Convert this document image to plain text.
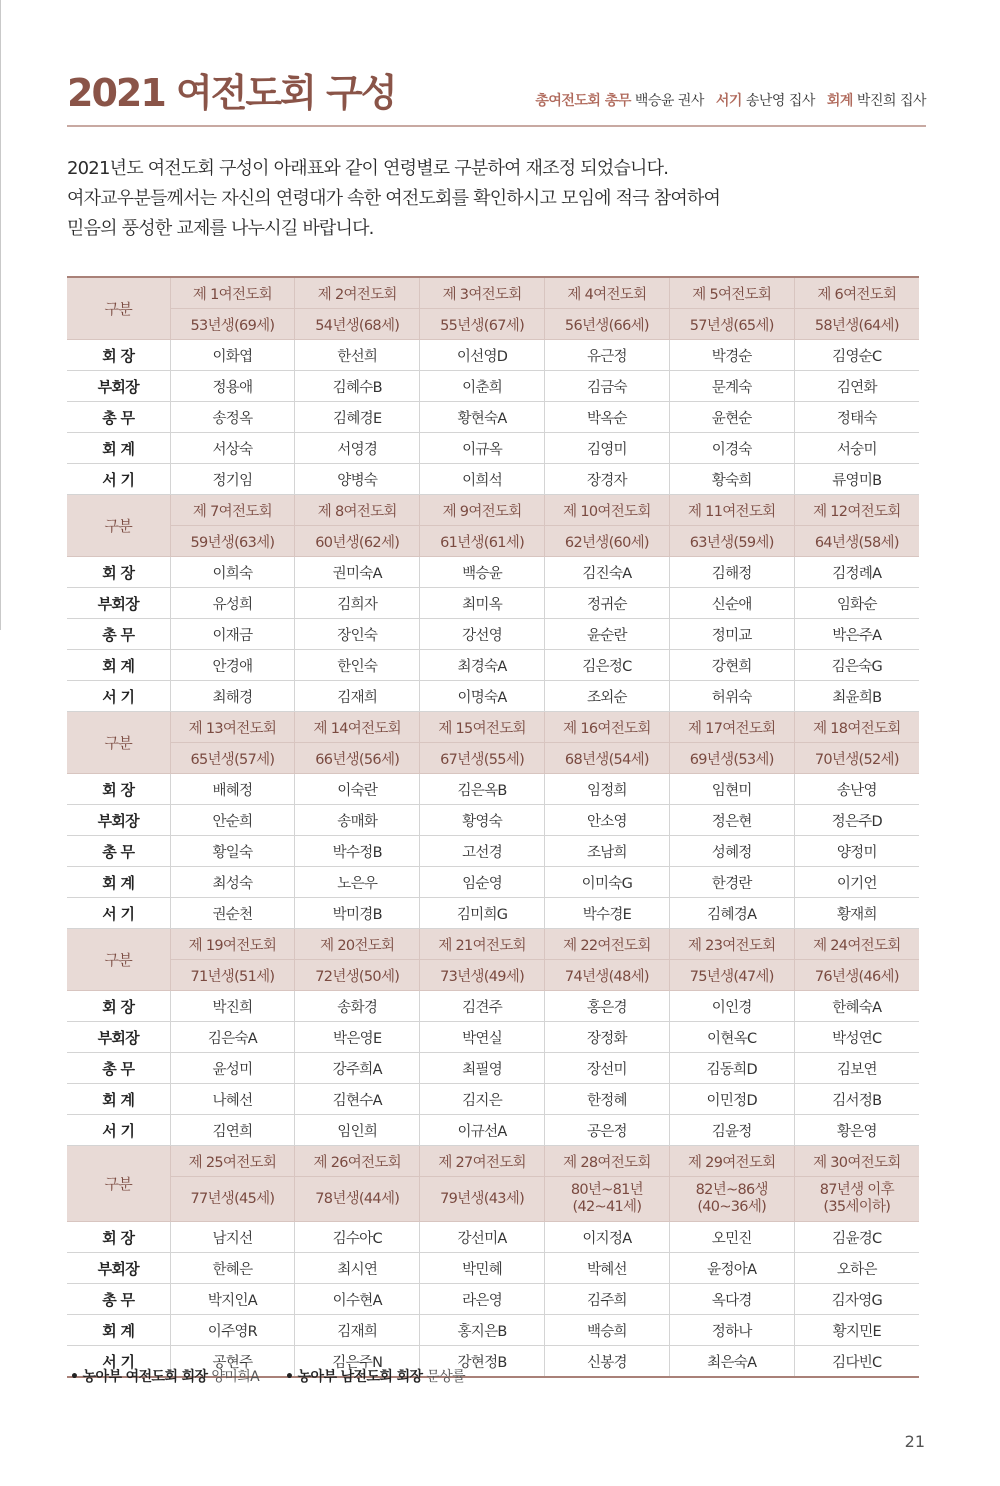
2021 여전도회 구성	총여전도회 총무 백승윤 권사 서기 송난영 집사 회계 박진희 집사
2021년도 여전도회 구성이 아래표와 같이 연령별로 구분하여 재조정 되었습니다.
여자교우분들께서는 자신의 연령대가 속한 여전도회를 확인하시고 모임에 적극 참여하여
믿음의 풍성한 교제를 나누시길 바랍니다.
구분	제 1여전도회	제 2여전도회	제 3여전도회	제 4여전도회	제 5여전도회	제 6여전도회
	53년생(69세)	54년생(68세)	55년생(67세)	56년생(66세)	57년생(65세)	58년생(64세)
회 장	이화엽	한선희	이선영D	유근정	박경순	김영순C
부회장	정용애	김혜수B	이춘희	김금숙	문계숙	김연화
총 무	송정옥	김혜경E	황현숙A	박옥순	윤현순	정태숙
회 계	서상숙	서영경	이규옥	김영미	이경숙	서숭미
서 기	정기임	양병숙	이희석	장경자	황숙희	류영미B
구분	제 7여전도회	제 8여전도회	제 9여전도회	제 10여전도회	제 11여전도회	제 12여전도회
	59년생(63세)	60년생(62세)	61년생(61세)	62년생(60세)	63년생(59세)	64년생(58세)
회 장	이희숙	권미숙A	백승윤	김진숙A	김해정	김정례A
부회장	유성희	김희자	최미옥	정귀순	신순애	임화순
총 무	이재금	장인숙	강선영	윤순란	정미교	박은주A
회 계	안경애	한인숙	최경숙A	김은정C	강현희	김은숙G
서 기	최해경	김재희	이명숙A	조외순	허위숙	최윤희B
구분	제 13여전도회	제 14여전도회	제 15여전도회	제 16여전도회	제 17여전도회	제 18여전도회
	65년생(57세)	66년생(56세)	67년생(55세)	68년생(54세)	69년생(53세)	70년생(52세)
회 장	배혜정	이숙란	김은옥B	임정희	임현미	송난영
부회장	안순희	송매화	황영숙	안소영	정은현	정은주D
총 무	황일숙	박수정B	고선경	조남희	성혜정	양정미
회 계	최성숙	노은우	임순영	이미숙G	한경란	이기언
서 기	권순천	박미경B	김미희G	박수경E	김혜경A	황재희
구분	제 19여전도회	제 20전도회	제 21여전도회	제 22여전도회	제 23여전도회	제 24여전도회
	71년생(51세)	72년생(50세)	73년생(49세)	74년생(48세)	75년생(47세)	76년생(46세)
회 장	박진희	송화경	김견주	홍은경	이인경	한혜숙A
부회장	김은숙A	박은영E	박연실	장정화	이현옥C	박성연C
총 무	윤성미	강주희A	최필영	장선미	김동희D	김보연
회 계	나혜선	김현수A	김지은	한정혜	이민정D	김서정B
서 기	김연희	임인희	이규선A	공은정	김윤정	황은영
구분	제 25여전도회	제 26여전도회	제 27여전도회	제 28여전도회	제 29여전도회	제 30여전도회
	77년생(45세)	78년생(44세)	79년생(43세)	80년~81년
(42~41세)	82년~86생
(40~36세)	87년생 이후
(35세이하)
회 장	남지선	김수아C	강선미A	이지정A	오민진	김윤경C
부회장	한혜은	최시연	박민혜	박혜선	윤정아A	오하은
총 무	박지인A	이수현A	라은영	김주희	옥다경	김자영G
회 계	이주영R	김재희	홍지은B	백승희	정하나	황지민E
서 기	공현주	김은주N	강현정B	신봉경	최은숙A	김다빈C
• 농아부 여전도회 회장 양미희A • 농아부 남전도회 회장 문상률
21
